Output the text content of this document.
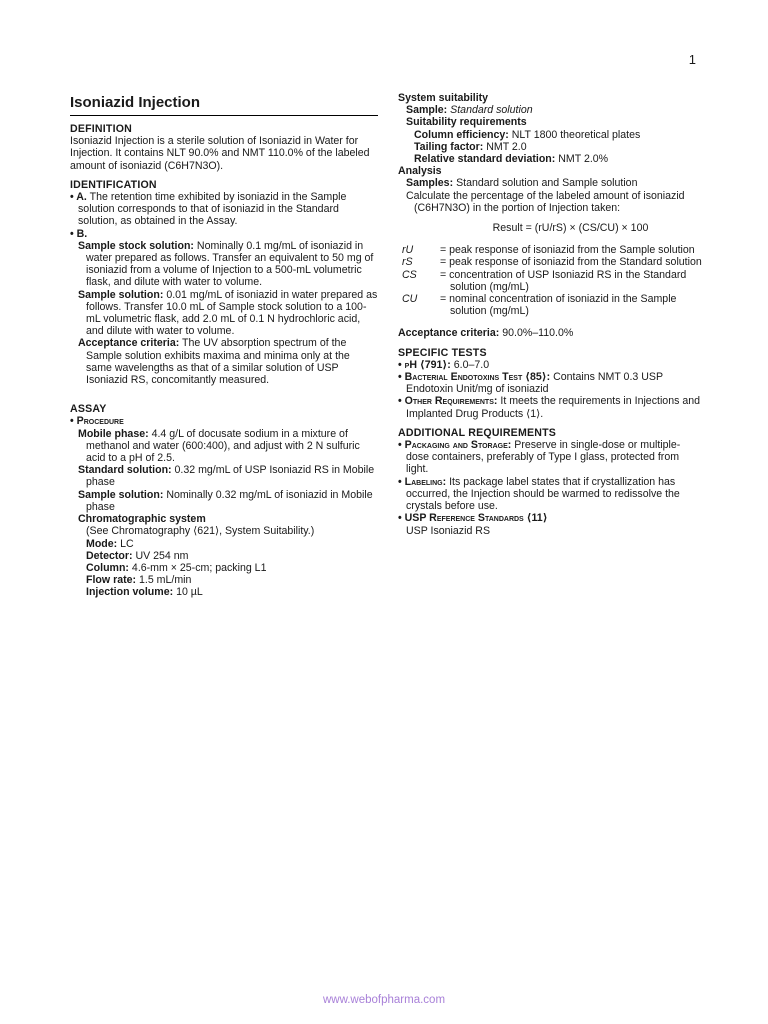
1
Isoniazid Injection
DEFINITION

Isoniazid Injection is a sterile solution of Isoniazid in Water for Injection. It contains NLT 90.0% and NMT 110.0% of the labeled amount of isoniazid (C6H7N3O).

IDENTIFICATION

• A. The retention time exhibited by isoniazid in the Sample solution corresponds to that of isoniazid in the Standard solution, as obtained in the Assay.

• B.

Sample stock solution: Nominally 0.1 mg/mL of isoniazid in water prepared as follows. Transfer an equivalent to 50 mg of isoniazid from a volume of Injection to a 500-mL volumetric flask, and dilute with water to volume.

Sample solution: 0.01 mg/mL of isoniazid in water prepared as follows. Transfer 10.0 mL of Sample stock solution to a 100-mL volumetric flask, add 2.0 mL of 0.1 N hydrochloric acid, and dilute with water to volume.

Acceptance criteria: The UV absorption spectrum of the Sample solution exhibits maxima and minima only at the same wavelengths as that of a similar solution of USP Isoniazid RS, concomitantly measured.

ASSAY

• Procedure

Mobile phase: 4.4 g/L of docusate sodium in a mixture of methanol and water (600:400), and adjust with 2 N sulfuric acid to a pH of 2.5.

Standard solution: 0.32 mg/mL of USP Isoniazid RS in Mobile phase

Sample solution: Nominally 0.32 mg/mL of isoniazid in Mobile phase

Chromatographic system

(See Chromatography ⟨621⟩, System Suitability.)

Mode: LC

Detector: UV 254 nm

Column: 4.6-mm × 25-cm; packing L1

Flow rate: 1.5 mL/min

Injection volume: 10 µL

System suitability

Sample: Standard solution

Suitability requirements

Column efficiency: NLT 1800 theoretical plates

Tailing factor: NMT 2.0

Relative standard deviation: NMT 2.0%

Analysis

Samples: Standard solution and Sample solution

Calculate the percentage of the labeled amount of isoniazid (C6H7N3O) in the portion of Injection taken:

Result = (rU/rS) × (CS/CU) × 100
rU	= peak response of isoniazid from the Sample solution
rS	= peak response of isoniazid from the Standard solution
CS	= concentration of USP Isoniazid RS in the Standard solution (mg/mL)
CU	= nominal concentration of isoniazid in the Sample solution (mg/mL)

Acceptance criteria: 90.0%–110.0%

SPECIFIC TESTS

• pH ⟨791⟩: 6.0–7.0

• Bacterial Endotoxins Test ⟨85⟩: Contains NMT 0.3 USP Endotoxin Unit/mg of isoniazid

• Other Requirements: It meets the requirements in Injections and Implanted Drug Products ⟨1⟩.

ADDITIONAL REQUIREMENTS

• Packaging and Storage: Preserve in single-dose or multiple-dose containers, preferably of Type I glass, protected from light.

• Labeling: Its package label states that if crystallization has occurred, the Injection should be warmed to redissolve the crystals before use.

• USP Reference Standards ⟨11⟩

USP Isoniazid RS

www.webofpharma.com
